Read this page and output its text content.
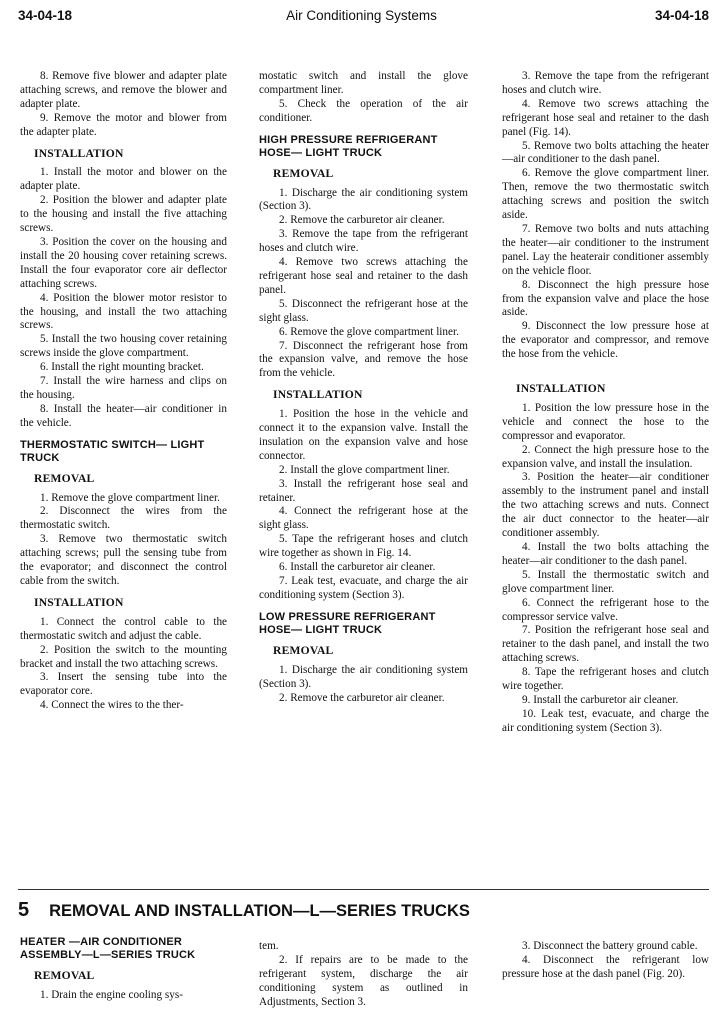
34-04-18	Air Conditioning Systems	34-04-18

8. Remove five blower and adapter plate attaching screws, and remove the blower and adapter plate.

9. Remove the motor and blower from the adapter plate.

INSTALLATION

1. Install the motor and blower on the adapter plate.

2. Position the blower and adapter plate to the housing and install the five attaching screws.

3. Position the cover on the housing and install the 20 housing cover retaining screws. Install the four evaporator core air deflector attaching screws.

4. Position the blower motor resistor to the housing, and install the two attaching screws.

5. Install the two housing cover retaining screws inside the glove compartment.

6. Install the right mounting bracket.

7. Install the wire harness and clips on the housing.

8. Install the heater—air conditioner in the vehicle.

THERMOSTATIC SWITCH— LIGHT TRUCK
REMOVAL

1. Remove the glove compartment liner.

2. Disconnect the wires from the thermostatic switch.

3. Remove two thermostatic switch attaching screws; pull the sensing tube from the evaporator; and disconnect the control cable from the switch.

INSTALLATION

1. Connect the control cable to the thermostatic switch and adjust the cable.

2. Position the switch to the mounting bracket and install the two attaching screws.

3. Insert the sensing tube into the evaporator core.

4. Connect the wires to the ther-

mostatic switch and install the glove compartment liner.

5. Check the operation of the air conditioner.

HIGH PRESSURE REFRIGERANT HOSE— LIGHT TRUCK
REMOVAL

1. Discharge the air conditioning system (Section 3).

2. Remove the carburetor air cleaner.

3. Remove the tape from the refrigerant hoses and clutch wire.

4. Remove two screws attaching the refrigerant hose seal and retainer to the dash panel.

5. Disconnect the refrigerant hose at the sight glass.

6. Remove the glove compartment liner.

7. Disconnect the refrigerant hose from the expansion valve, and remove the hose from the vehicle.

INSTALLATION

1. Position the hose in the vehicle and connect it to the expansion valve. Install the insulation on the expansion valve and hose connector.

2. Install the glove compartment liner.

3. Install the refrigerant hose seal and retainer.

4. Connect the refrigerant hose at the sight glass.

5. Tape the refrigerant hoses and clutch wire together as shown in Fig. 14.

6. Install the carburetor air cleaner.

7. Leak test, evacuate, and charge the air conditioning system (Section 3).

LOW PRESSURE REFRIGERANT HOSE— LIGHT TRUCK
REMOVAL

1. Discharge the air conditioning system (Section 3).

2. Remove the carburetor air cleaner.

3. Remove the tape from the refrigerant hoses and clutch wire.

4. Remove two screws attaching the refrigerant hose seal and retainer to the dash panel (Fig. 14).

5. Remove two bolts attaching the heater—air conditioner to the dash panel.

6. Remove the glove compartment liner. Then, remove the two thermostatic switch attaching screws and position the switch aside.

7. Remove two bolts and nuts attaching the heater—air conditioner to the instrument panel. Lay the heaterair conditioner assembly on the vehicle floor.

8. Disconnect the high pressure hose from the expansion valve and place the hose aside.

9. Disconnect the low pressure hose at the evaporator and compressor, and remove the hose from the vehicle.

INSTALLATION

1. Position the low pressure hose in the vehicle and connect the hose to the compressor and evaporator.

2. Connect the high pressure hose to the expansion valve, and install the insulation.

3. Position the heater—air conditioner assembly to the instrument panel and install the two attaching screws and nuts. Connect the air duct connector to the heater—air conditioner assembly.

4. Install the two bolts attaching the heater—air conditioner to the dash panel.

5. Install the thermostatic switch and glove compartment liner.

6. Connect the refrigerant hose to the compressor service valve.

7. Position the refrigerant hose seal and retainer to the dash panel, and install the two attaching screws.

8. Tape the refrigerant hoses and clutch wire together.

9. Install the carburetor air cleaner.

10. Leak test, evacuate, and charge the air conditioning system (Section 3).

5 REMOVAL AND INSTALLATION—L—SERIES TRUCKS
HEATER —AIR CONDITIONER ASSEMBLY—L—SERIES TRUCK
REMOVAL

1. Drain the engine cooling sys-

tem.

2. If repairs are to be made to the refrigerant system, discharge the air conditioning system as outlined in Adjustments, Section 3.

3. Disconnect the battery ground cable.

4. Disconnect the refrigerant low pressure hose at the dash panel (Fig. 20).
